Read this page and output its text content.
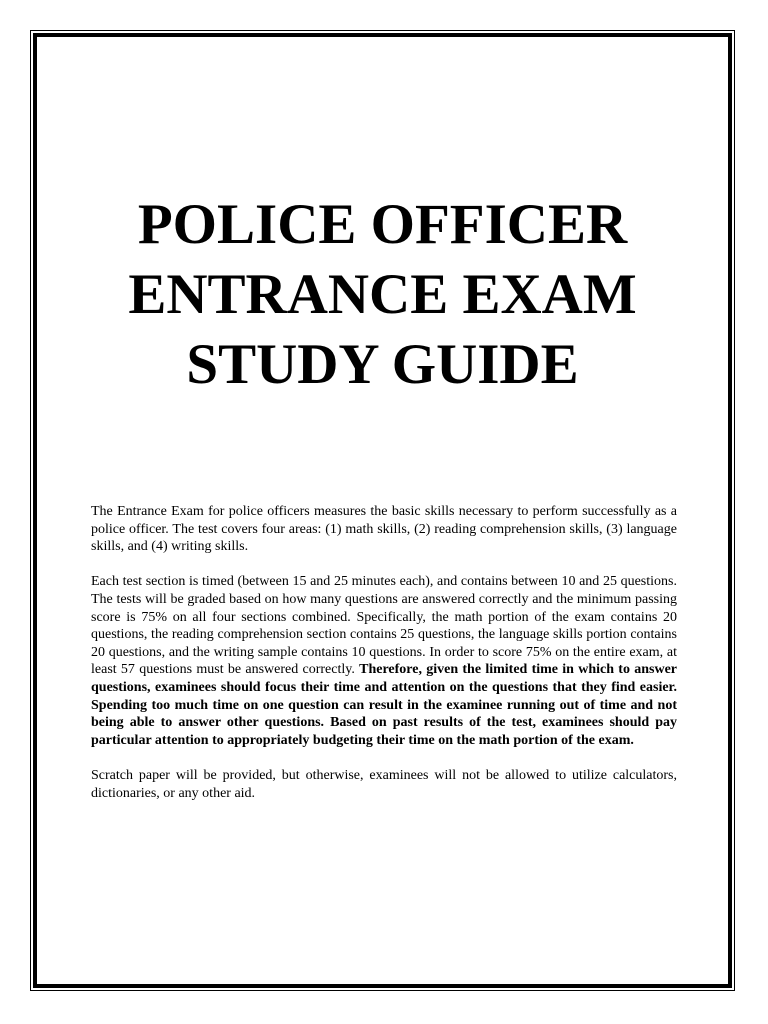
POLICE OFFICER
ENTRANCE EXAM
STUDY GUIDE

The Entrance Exam for police officers measures the basic skills necessary to perform successfully as a police officer. The test covers four areas: (1) math skills, (2) reading comprehension skills, (3) language skills, and (4) writing skills.

Each test section is timed (between 15 and 25 minutes each), and contains between 10 and 25 questions. The tests will be graded based on how many questions are answered correctly and the minimum passing score is 75% on all four sections combined. Specifically, the math portion of the exam contains 20 questions, the reading comprehension section contains 25 questions, the language skills portion contains 20 questions, and the writing sample contains 10 questions. In order to score 75% on the entire exam, at least 57 questions must be answered correctly. Therefore, given the limited time in which to answer questions, examinees should focus their time and attention on the questions that they find easier. Spending too much time on one question can result in the examinee running out of time and not being able to answer other questions. Based on past results of the test, examinees should pay particular attention to appropriately budgeting their time on the math portion of the exam.

Scratch paper will be provided, but otherwise, examinees will not be allowed to utilize calculators, dictionaries, or any other aid.
